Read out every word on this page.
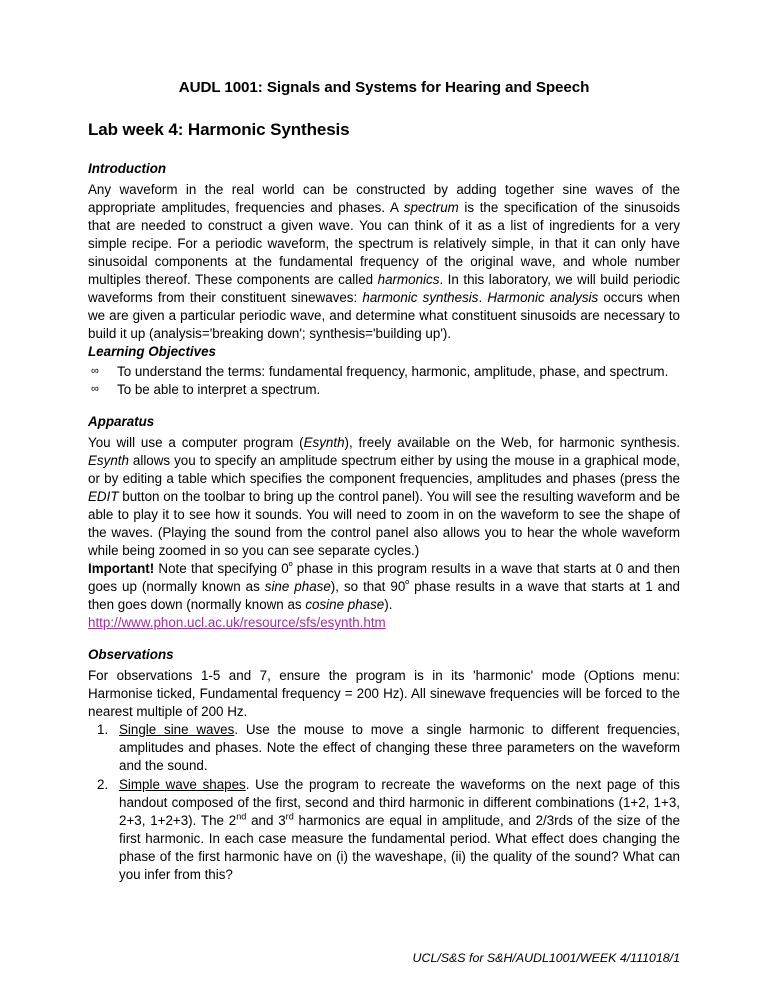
AUDL 1001: Signals and Systems for Hearing and Speech
Lab week 4: Harmonic Synthesis
Introduction

Any waveform in the real world can be constructed by adding together sine waves of the appropriate amplitudes, frequencies and phases. A spectrum is the specification of the sinusoids that are needed to construct a given wave. You can think of it as a list of ingredients for a very simple recipe. For a periodic waveform, the spectrum is relatively simple, in that it can only have sinusoidal components at the fundamental frequency of the original wave, and whole number multiples thereof. These components are called harmonics. In this laboratory, we will build periodic waveforms from their constituent sinewaves: harmonic synthesis. Harmonic analysis occurs when we are given a particular periodic wave, and determine what constituent sinusoids are necessary to build it up (analysis='breaking down'; synthesis='building up').

Learning Objectives
∞ To understand the terms: fundamental frequency, harmonic, amplitude, phase, and spectrum.
∞ To be able to interpret a spectrum.
Apparatus

You will use a computer program (Esynth), freely available on the Web, for harmonic synthesis. Esynth allows you to specify an amplitude spectrum either by using the mouse in a graphical mode, or by editing a table which specifies the component frequencies, amplitudes and phases (press the EDIT button on the toolbar to bring up the control panel). You will see the resulting waveform and be able to play it to see how it sounds. You will need to zoom in on the waveform to see the shape of the waves. (Playing the sound from the control panel also allows you to hear the whole waveform while being zoomed in so you can see separate cycles.)

Important! Note that specifying $0^º$ phase in this program results in a wave that starts at 0 and then goes up (normally known as sine phase), so that $90^º$ phase results in a wave that starts at 1 and then goes down (normally known as cosine phase).

http://www.phon.ucl.ac.uk/resource/sfs/esynth.htm
Observations

For observations 1-5 and 7, ensure the program is in its 'harmonic' mode (Options menu: Harmonise ticked, Fundamental frequency = 200 Hz). All sinewave frequencies will be forced to the nearest multiple of 200 Hz.

1. Single sine waves. Use the mouse to move a single harmonic to different frequencies, amplitudes and phases. Note the effect of changing these three parameters on the waveform and the sound.
2. Simple wave shapes. Use the program to recreate the waveforms on the next page of this handout composed of the first, second and third harmonic in different combinations (1+2, 1+3, 2+3, 1+2+3). The 2nd and 3rd harmonics are equal in amplitude, and 2/3rds of the size of the first harmonic. In each case measure the fundamental period. What effect does changing the phase of the first harmonic have on (i) the waveshape, (ii) the quality of the sound? What can you infer from this?
UCL/S&S for S&H/AUDL1001/WEEK 4/111018/1
